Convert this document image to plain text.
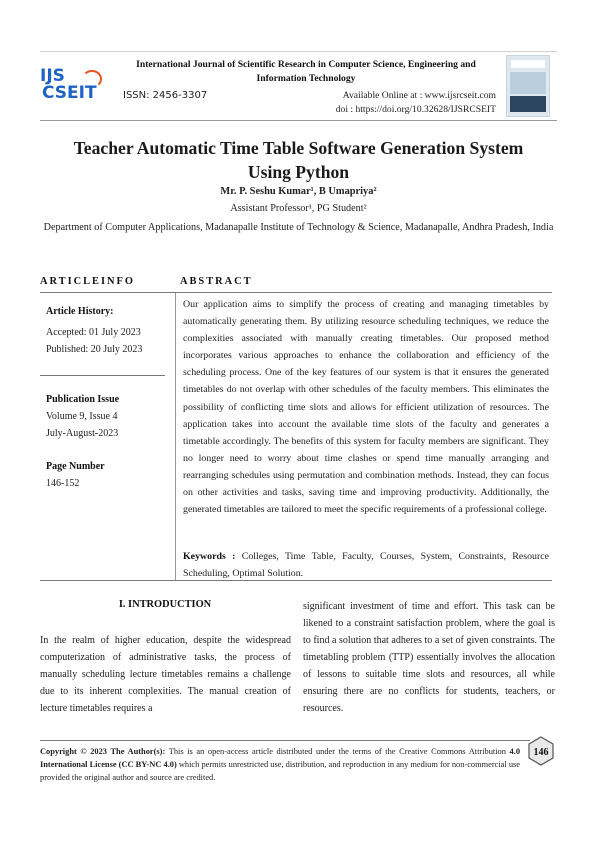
IJS
CSEIT
International Journal of Scientific Research in Computer Science, Engineering and Information Technology
ISSN: 2456-3307	Available Online at : www.ijsrcseit.com
doi : https://doi.org/10.32628/IJSRCSEIT
Teacher Automatic Time Table Software Generation System
Using Python
Mr. P. Seshu Kumar¹, B Umapriya²
Assistant Professor¹, PG Student²
Department of Computer Applications, Madanapalle Institute of Technology & Science, Madanapalle, Andhra Pradesh, India
ARTICLEINFO	ABSTRACT
Article History:
Accepted: 01 July 2023
Published: 20 July 2023
Publication Issue
Volume 9, Issue 4
July-August-2023
Page Number
146-152
Our application aims to simplify the process of creating and managing timetables by automatically generating them. By utilizing resource scheduling techniques, we reduce the complexities associated with manually creating timetables. Our proposed method incorporates various approaches to enhance the collaboration and efficiency of the scheduling process. One of the key features of our system is that it ensures the generated timetables do not overlap with other schedules of the faculty members. This eliminates the possibility of conflicting time slots and allows for efficient utilization of resources. The application takes into account the available time slots of the faculty and generates a timetable accordingly. The benefits of this system for faculty members are significant. They no longer need to worry about time clashes or spend time manually arranging and rearranging schedules using permutation and combination methods. Instead, they can focus on other activities and tasks, saving time and improving productivity. Additionally, the generated timetables are tailored to meet the specific requirements of a professional college.
Keywords : Colleges, Time Table, Faculty, Courses, System, Constraints, Resource Scheduling, Optimal Solution.
I. INTRODUCTION
In the realm of higher education, despite the widespread computerization of administrative tasks, the process of manually scheduling lecture timetables remains a challenge due to its inherent complexities. The manual creation of lecture timetables requires a
significant investment of time and effort. This task can be likened to a constraint satisfaction problem, where the goal is to find a solution that adheres to a set of given constraints. The timetabling problem (TTP) essentially involves the allocation of lessons to suitable time slots and resources, all while ensuring there are no conflicts for students, teachers, or resources.
Copyright © 2023 The Author(s): This is an open-access article distributed under the terms of the Creative Commons Attribution 4.0 International License (CC BY-NC 4.0) which permits unrestricted use, distribution, and reproduction in any medium for non-commercial use provided the original author and source are credited.
146
